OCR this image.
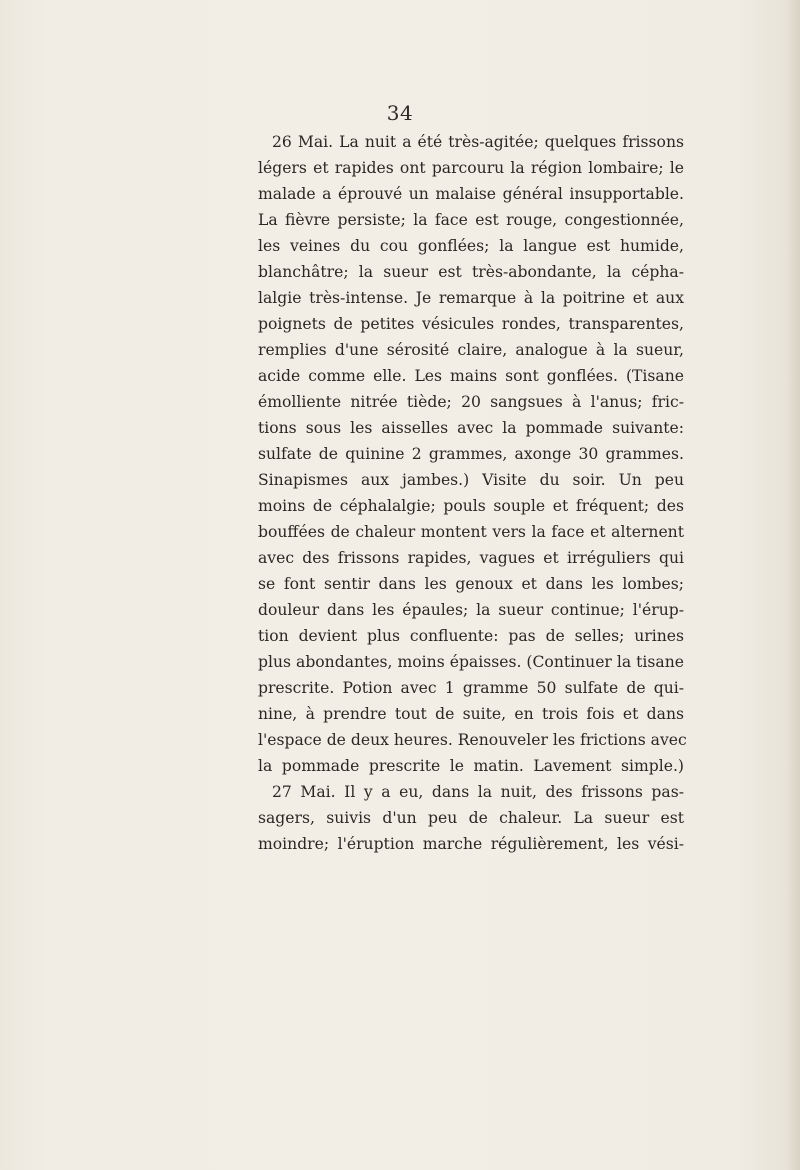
34
26 Mai. La nuit a été très-agitée; quelques frissons
légers et rapides ont parcouru la région lombaire; le
malade a éprouvé un malaise général insupportable.
La fièvre persiste; la face est rouge, congestionnée,
les veines du cou gonflées; la langue est humide,
blanchâtre; la sueur est très-abondante, la cépha-
lalgie très-intense. Je remarque à la poitrine et aux
poignets de petites vésicules rondes, transparentes,
remplies d'une sérosité claire, analogue à la sueur,
acide comme elle. Les mains sont gonflées. (Tisane
émolliente nitrée tiède; 20 sangsues à l'anus; fric-
tions sous les aisselles avec la pommade suivante:
sulfate de quinine 2 grammes, axonge 30 grammes.
Sinapismes aux jambes.) Visite du soir. Un peu
moins de céphalalgie; pouls souple et fréquent; des
bouffées de chaleur montent vers la face et alternent
avec des frissons rapides, vagues et irréguliers qui
se font sentir dans les genoux et dans les lombes;
douleur dans les épaules; la sueur continue; l'érup-
tion devient plus confluente: pas de selles; urines
plus abondantes, moins épaisses. (Continuer la tisane
prescrite. Potion avec 1 gramme 50 sulfate de qui-
nine, à prendre tout de suite, en trois fois et dans
l'espace de deux heures. Renouveler les frictions avec
la pommade prescrite le matin. Lavement simple.)
27 Mai. Il y a eu, dans la nuit, des frissons pas-
sagers, suivis d'un peu de chaleur. La sueur est
moindre; l'éruption marche régulièrement, les vési-
